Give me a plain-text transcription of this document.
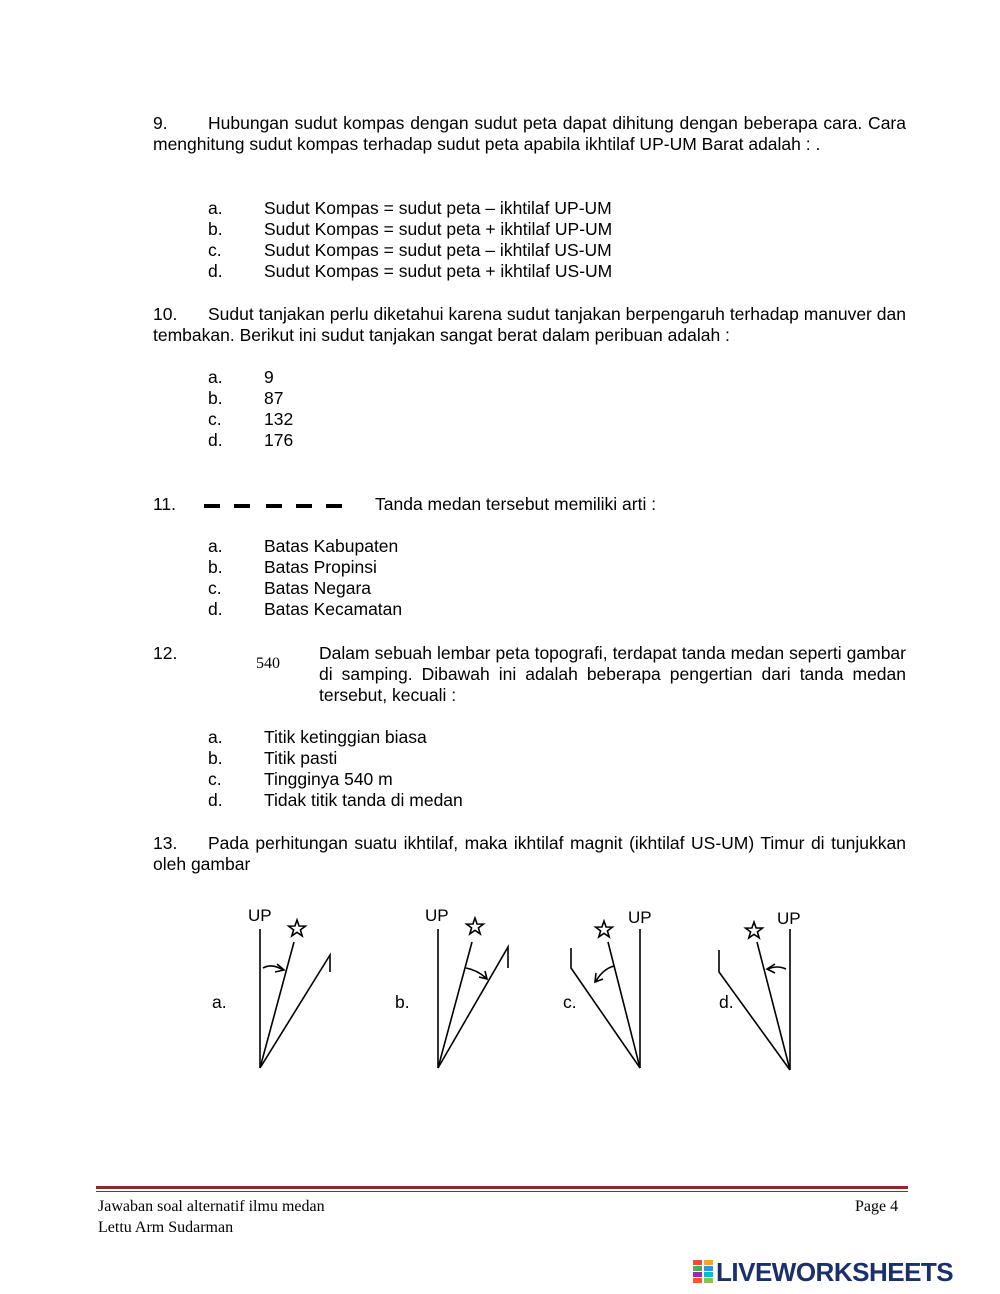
9.	Hubungan sudut kompas dengan sudut peta dapat dihitung dengan beberapa cara. Cara menghitung sudut kompas terhadap sudut peta apabila ikhtilaf UP-UM Barat adalah : .
a. Sudut Kompas = sudut peta – ikhtilaf UP-UM
b. Sudut Kompas = sudut peta + ikhtilaf UP-UM
c. Sudut Kompas = sudut peta – ikhtilaf US-UM
d. Sudut Kompas = sudut peta + ikhtilaf US-UM
10.	Sudut tanjakan perlu diketahui karena sudut tanjakan berpengaruh terhadap manuver dan tembakan. Berikut ini sudut tanjakan sangat berat dalam peribuan adalah :
a. 9
b. 87
c. 132
d. 176
11.	Tanda medan tersebut memiliki arti :
a. Batas Kabupaten
b. Batas Propinsi
c. Batas Negara
d. Batas Kecamatan
12.
540
Dalam sebuah lembar peta topografi, terdapat tanda medan seperti gambar di samping. Dibawah ini adalah beberapa pengertian dari tanda medan tersebut, kecuali :
a. Titik ketinggian biasa
b. Titik pasti
c. Tingginya 540 m
d. Tidak titik tanda di medan
13.	Pada perhitungan suatu ikhtilaf, maka ikhtilaf magnit (ikhtilaf US-UM) Timur di tunjukkan oleh gambar
a.	b.	c.	d.
UP	UP	UP	UP
Jawaban soal alternatif ilmu medan
Lettu Arm Sudarman
Page 4
LIVEWORKSHEETS
